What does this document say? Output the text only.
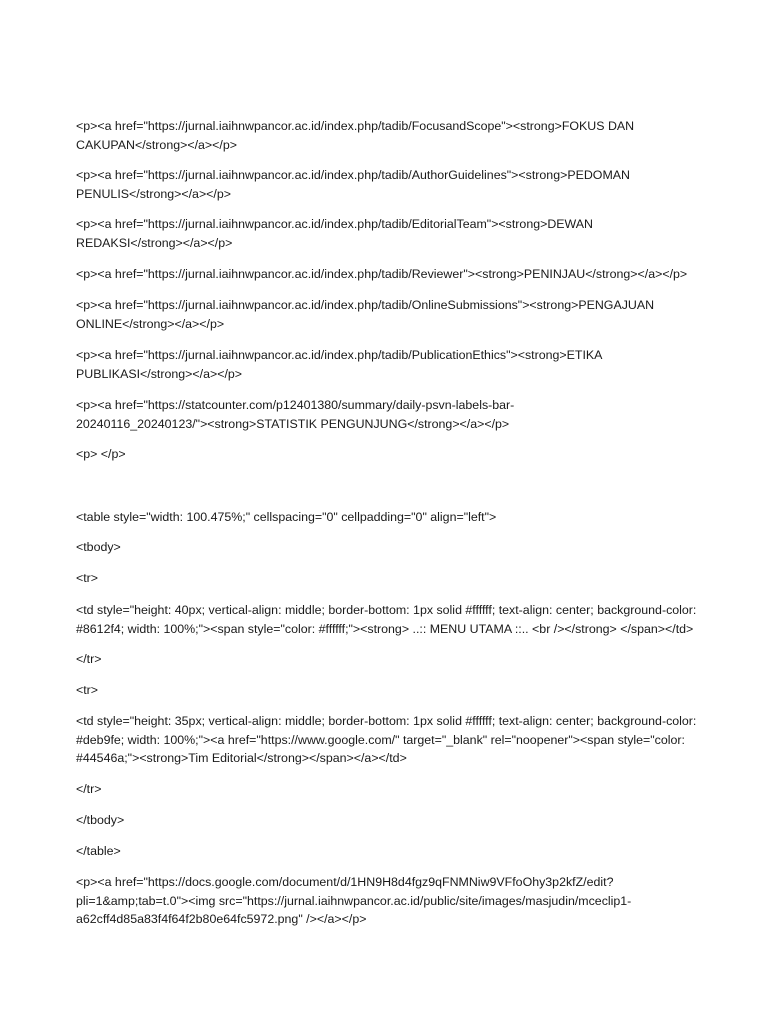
<p><a href="https://jurnal.iaihnwpancor.ac.id/index.php/tadib/FocusandScope"><strong>FOKUS DAN
CAKUPAN</strong></a></p>

<p><a href="https://jurnal.iaihnwpancor.ac.id/index.php/tadib/AuthorGuidelines"><strong>PEDOMAN
PENULIS</strong></a></p>

<p><a href="https://jurnal.iaihnwpancor.ac.id/index.php/tadib/EditorialTeam"><strong>DEWAN
REDAKSI</strong></a></p>

<p><a href="https://jurnal.iaihnwpancor.ac.id/index.php/tadib/Reviewer"><strong>PENINJAU</strong></a></p>

<p><a href="https://jurnal.iaihnwpancor.ac.id/index.php/tadib/OnlineSubmissions"><strong>PENGAJUAN
ONLINE</strong></a></p>

<p><a href="https://jurnal.iaihnwpancor.ac.id/index.php/tadib/PublicationEthics"><strong>ETIKA
PUBLIKASI</strong></a></p>

<p><a href="https://statcounter.com/p12401380/summary/daily-psvn-labels-bar-
20240116_20240123/"><strong>STATISTIK PENGUNJUNG</strong></a></p>

<p> </p>

<table style="width: 100.475%;" cellspacing="0" cellpadding="0" align="left">

<tbody>

<tr>

<td style="height: 40px; vertical-align: middle; border-bottom: 1px solid #ffffff; text-align: center; background-color:
#8612f4; width: 100%;"><span style="color: #ffffff;"><strong> ..:: MENU UTAMA ::.. <br /></strong> </span></td>

</tr>

<tr>

<td style="height: 35px; vertical-align: middle; border-bottom: 1px solid #ffffff; text-align: center; background-color:
#deb9fe; width: 100%;"><a href="https://www.google.com/" target="_blank" rel="noopener"><span style="color:
#44546a;"><strong>Tim Editorial</strong></span></a></td>

</tr>

</tbody>

</table>

<p><a href="https://docs.google.com/document/d/1HN9H8d4fgz9qFNMNiw9VFfoOhy3p2kfZ/edit?
pli=1&amp;tab=t.0"><img src="https://jurnal.iaihnwpancor.ac.id/public/site/images/masjudin/mceclip1-
a62cff4d85a83f4f64f2b80e64fc5972.png" /></a></p>
